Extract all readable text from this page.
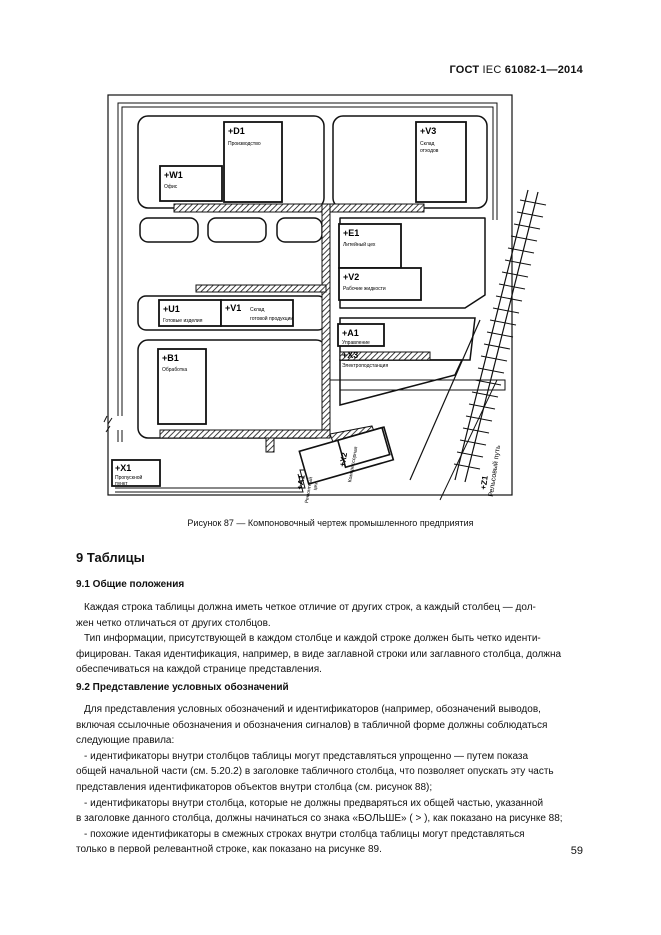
ГОСТ IEC 61082-1—2014
+D1
Производство
+W1
Офис
+V3
Склад
отходов
+E1
Литейный цех
+V2
Рабочие жидкости
+U1
Готовые изделия
+V1 Склад
готовой продукции
+A1
Управление
+X3
Электроподстанция
+B1
Обработка
+X1
Пропускной
пункт	+A1
Ремонтный
цех
+X2
Компрессорная	+Z1
Рельсовый путь
Рисунок 87 — Компоновочный чертеж промышленного предприятия
9 Таблицы
9.1 Общие положения

Каждая строка таблицы должна иметь четкое отличие от других строк, а каждый столбец — дол-

жен четко отличаться от других столбцов.

Тип информации, присутствующей в каждом столбце и каждой строке должен быть четко иденти-

фицирован. Такая идентификация, например, в виде заглавной строки или заглавного столбца, должна

обеспечиваться на каждой странице представления.

9.2 Представление условных обозначений

Для представления условных обозначений и идентификаторов (например, обозначений выводов,

включая ссылочные обозначения и обозначения сигналов) в табличной форме должны соблюдаться

следующие правила:

- идентификаторы внутри столбцов таблицы могут представляться упрощенно — путем показа

общей начальной части (см. 5.20.2) в заголовке табличного столбца, что позволяет опускать эту часть

представления идентификаторов объектов внутри столбца (см. рисунок 88);

- идентификаторы внутри столбца, которые не должны предваряться их общей частью, указанной

в заголовке данного столбца, должны начинаться со знака «БОЛЬШЕ» ( > ), как показано на рисунке 88;

- похожие идентификаторы в смежных строках внутри столбца таблицы могут представляться

только в первой релевантной строке, как показано на рисунке 89.	59
